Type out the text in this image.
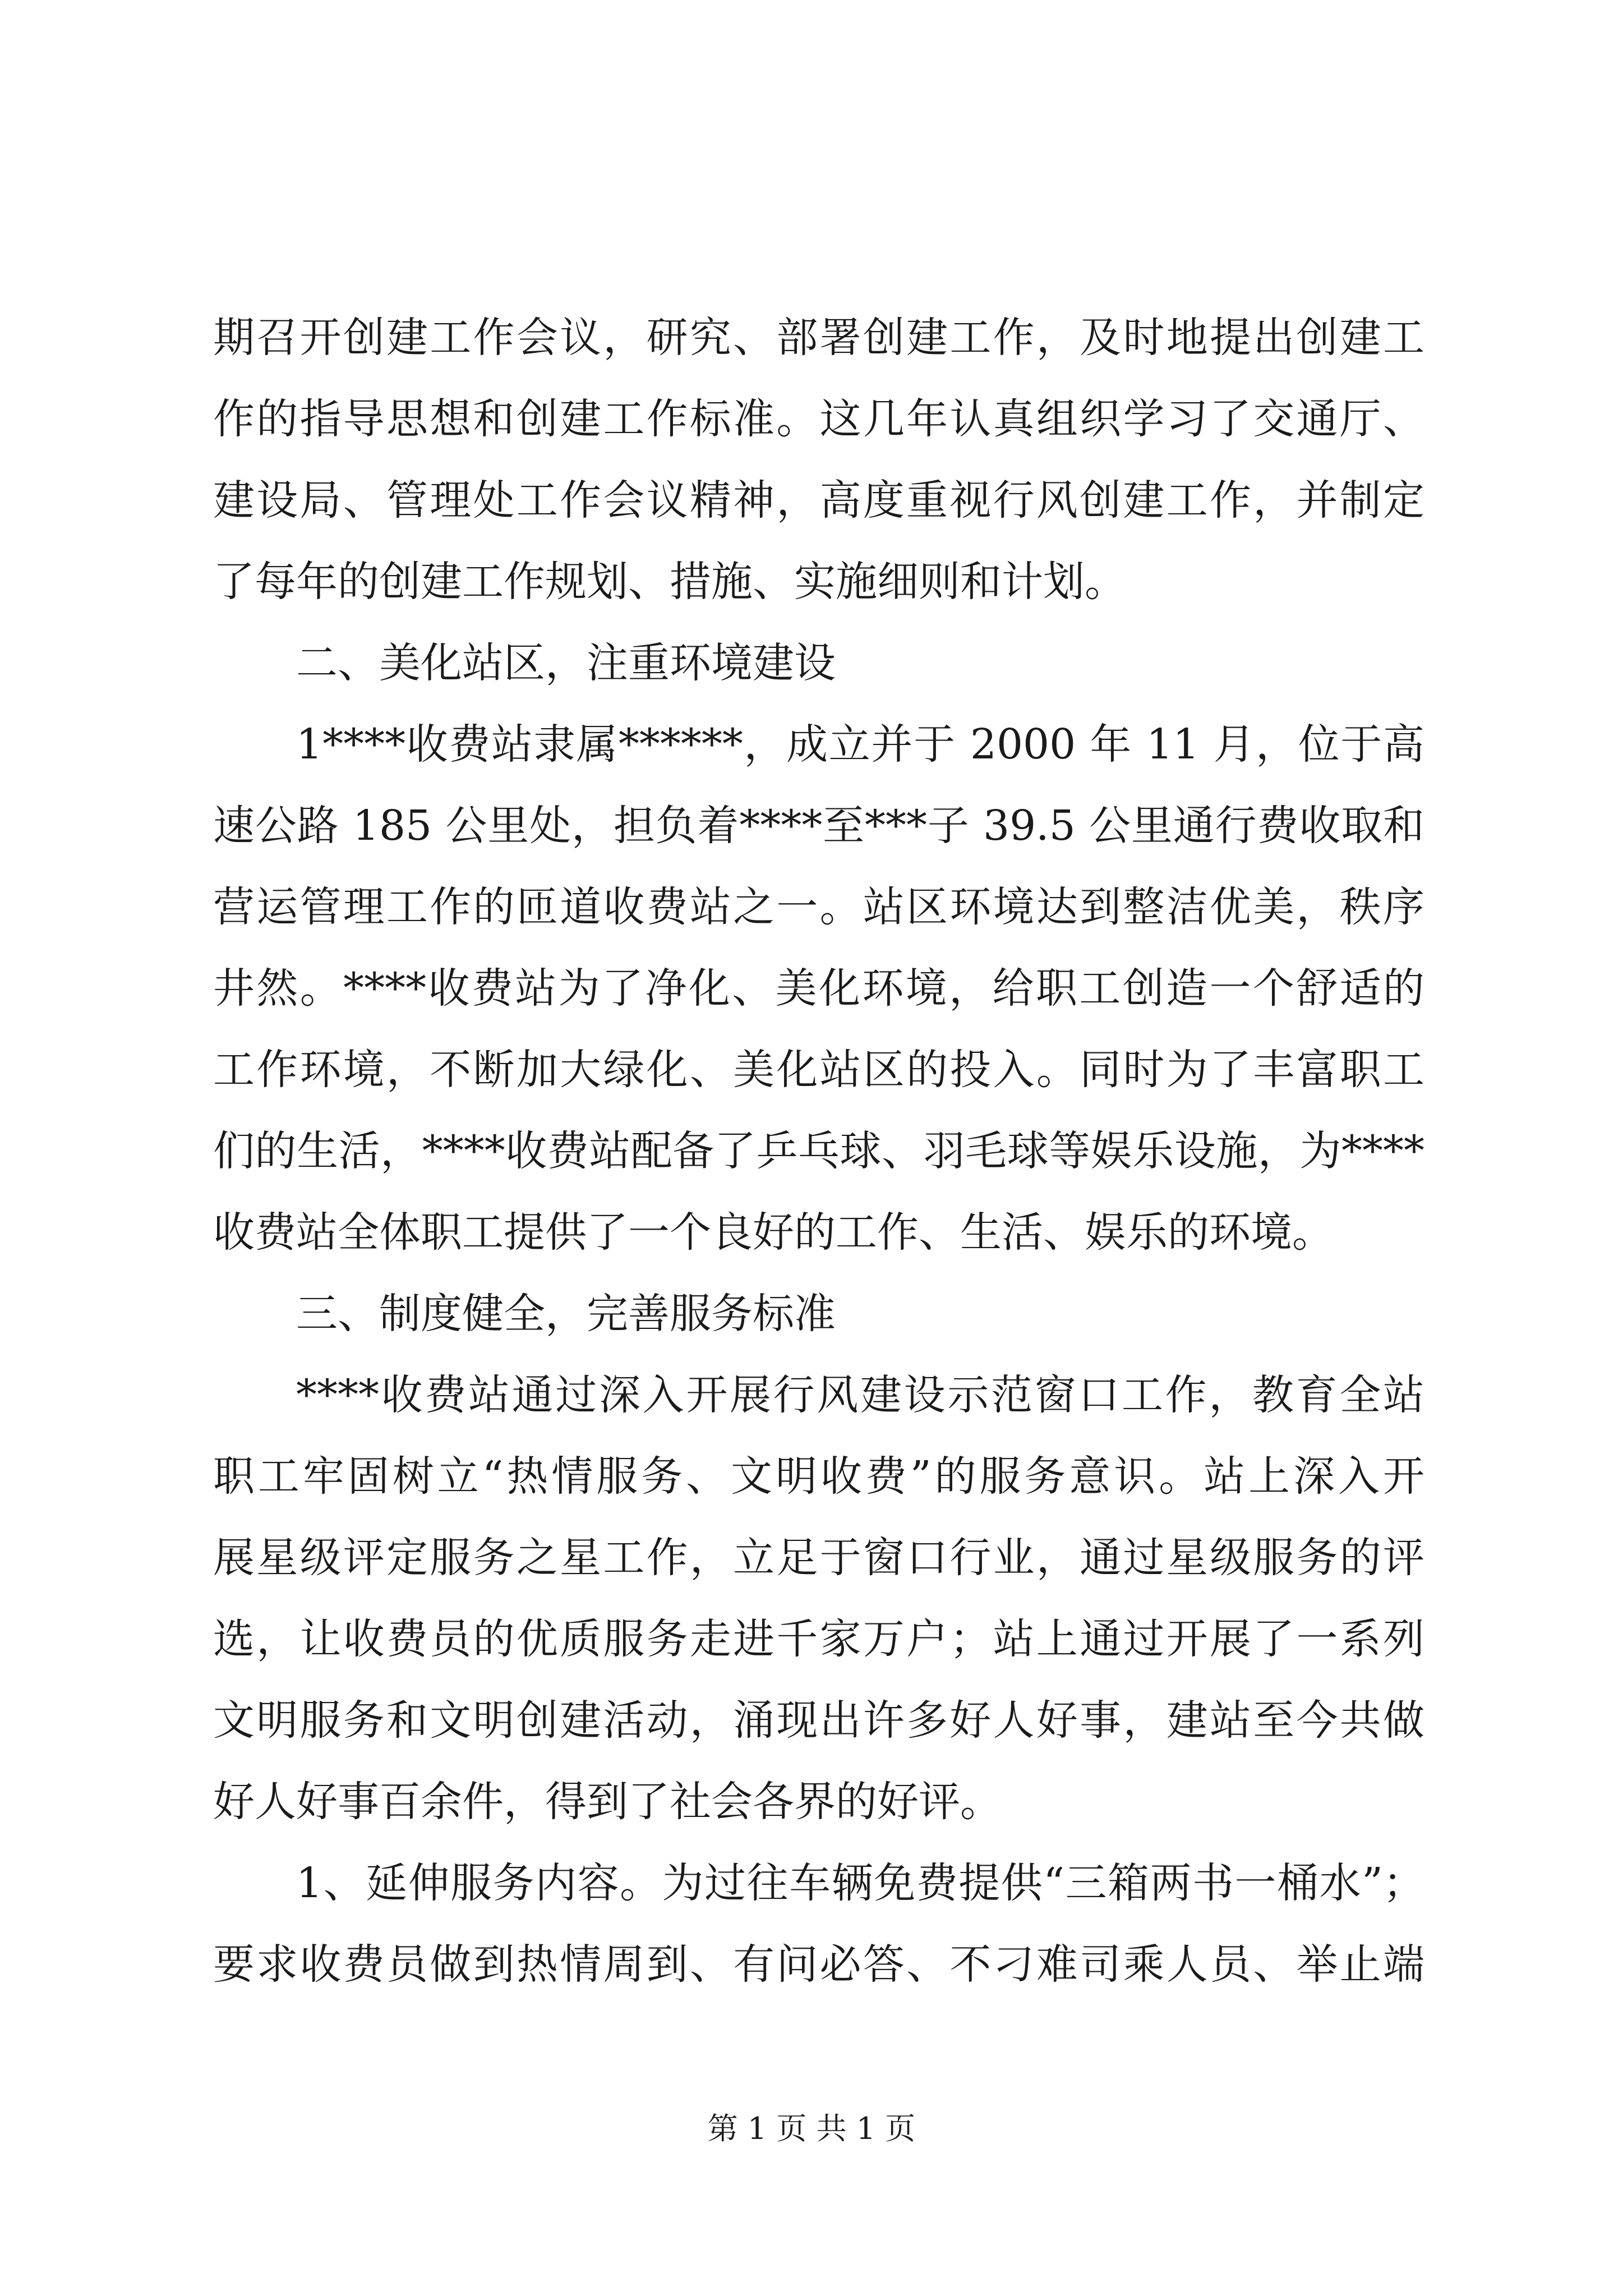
期召开创建工作会议，研究、部署创建工作，及时地提出创建工
作的指导思想和创建工作标准。这几年认真组织学习了交通厅、
建设局、管理处工作会议精神，高度重视行风创建工作，并制定
了每年的创建工作规划、措施、实施细则和计划。
二、美化站区，注重环境建设
1****收费站隶属******，成立并于 2000 年 11 月，位于高
速公路 185 公里处，担负着****至***子 39.5 公里通行费收取和
营运管理工作的匝道收费站之一。站区环境达到整洁优美，秩序
井然。****收费站为了净化、美化环境，给职工创造一个舒适的
工作环境，不断加大绿化、美化站区的投入。同时为了丰富职工
们的生活，****收费站配备了乒乓球、羽毛球等娱乐设施，为****
收费站全体职工提供了一个良好的工作、生活、娱乐的环境。
三、制度健全，完善服务标准
****收费站通过深入开展行风建设示范窗口工作，教育全站
职工牢固树立“热情服务、文明收费”的服务意识。站上深入开
展星级评定服务之星工作，立足于窗口行业，通过星级服务的评
选，让收费员的优质服务走进千家万户；站上通过开展了一系列
文明服务和文明创建活动，涌现出许多好人好事，建站至今共做
好人好事百余件，得到了社会各界的好评。
1、延伸服务内容。为过往车辆免费提供“三箱两书一桶水”；
要求收费员做到热情周到、有问必答、不刁难司乘人员、举止端
第 1 页 共 1 页
